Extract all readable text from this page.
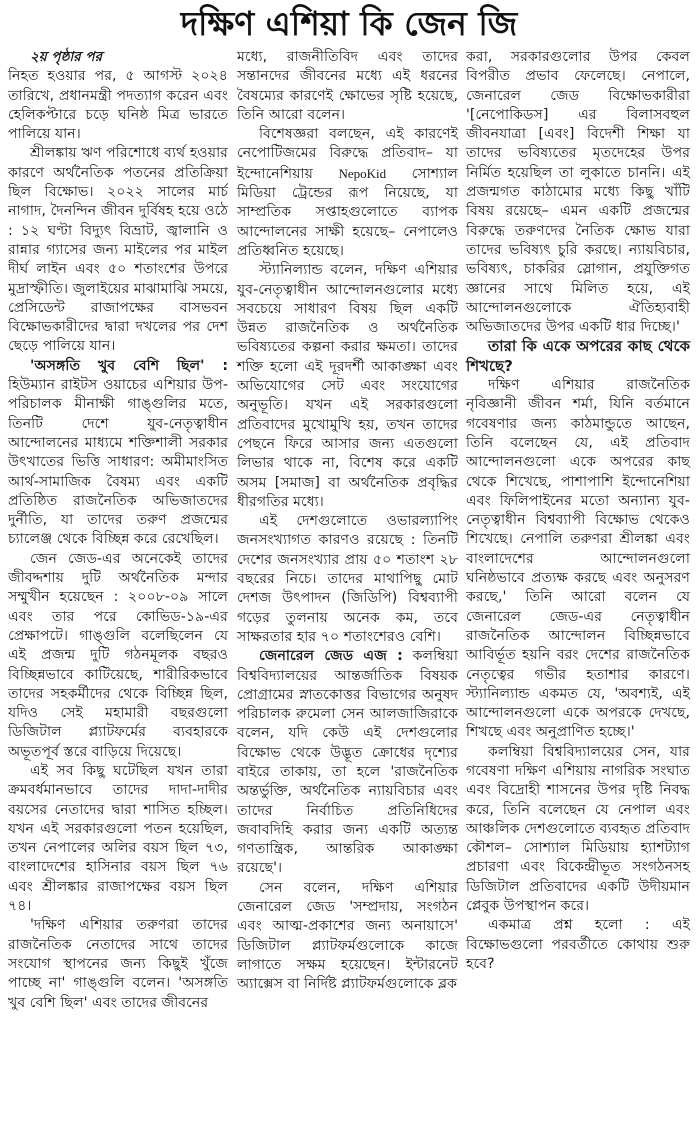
দক্ষিণ এশিয়া কি জেন জি

২য় পৃষ্ঠার পর

নিহত হওয়ার পর, ৫ আগস্ট ২০২৪ তারিখে, প্রধানমন্ত্রী পদত্যাগ করেন এবং হেলিকপ্টারে চড়ে ঘনিষ্ঠ মিত্র ভারতে পালিয়ে যান।

শ্রীলঙ্কায় ঋণ পরিশোধে ব্যর্থ হওয়ার কারণে অর্থনৈতিক পতনের প্রতিক্রিয়া ছিল বিক্ষোভ। ২০২২ সালের মার্চ নাগাদ, দৈনন্দিন জীবন দুর্বিষহ হয়ে ওঠে : ১২ ঘণ্টা বিদ্যুৎ বিভ্রাট, জ্বালানি ও রান্নার গ্যাসের জন্য মাইলের পর মাইল দীর্ঘ লাইন এবং ৫০ শতাংশের উপরে মুদ্রাস্ফীতি। জুলাইয়ের মাঝামাঝি সময়ে, প্রেসিডেন্ট রাজাপক্ষের বাসভবন বিক্ষোভকারীদের দ্বারা দখলের পর দেশ ছেড়ে পালিয়ে যান।

'অসঙ্গতি খুব বেশি ছিল' : হিউম্যান রাইটস ওয়াচের এশিয়ার উপ-পরিচালক মীনাক্ষী গাঙ্গুলির মতে, তিনটি দেশে যুব-নেতৃত্বাধীন আন্দোলনের মাধ্যমে শক্তিশালী সরকার উৎখাতের ভিত্তি সাধারণ: অমীমাংসিত আর্থ-সামাজিক বৈষম্য এবং একটি প্রতিষ্ঠিত রাজনৈতিক অভিজাতদের দুর্নীতি, যা তাদের তরুণ প্রজন্মের চ্যালেঞ্জ থেকে বিচ্ছিন্ন করে রেখেছিল।

জেন জেড-এর অনেকেই তাদের জীবদ্দশায় দুটি অর্থনৈতিক মন্দার সম্মুখীন হয়েছেন : ২০০৮-০৯ সালে এবং তার পরে কোভিড-১৯-এর প্রেক্ষাপটে। গাঙ্গুলি বলেছিলেন যে এই প্রজন্ম দুটি গঠনমূলক বছরও বিচ্ছিন্নভাবে কাটিয়েছে, শারীরিকভাবে তাদের সহকর্মীদের থেকে বিচ্ছিন্ন ছিল, যদিও সেই মহামারী বছরগুলো ডিজিটাল প্ল্যাটফর্মের ব্যবহারকে অভূতপূর্ব স্তরে বাড়িয়ে দিয়েছে।

এই সব কিছু ঘটেছিল যখন তারা ক্রমবর্ধমানভাবে তাদের দাদা-দাদীর বয়সের নেতাদের দ্বারা শাসিত হচ্ছিল। যখন এই সরকারগুলো পতন হয়েছিল, তখন নেপালের অলির বয়স ছিল ৭৩, বাংলাদেশের হাসিনার বয়স ছিল ৭৬ এবং শ্রীলঙ্কার রাজাপক্ষের বয়স ছিল ৭৪।

'দক্ষিণ এশিয়ার তরুণরা তাদের রাজনৈতিক নেতাদের সাথে তাদের সংযোগ স্থাপনের জন্য কিছুই খুঁজে পাচ্ছে না' গাঙ্গুলি বলেন। 'অসঙ্গতি খুব বেশি ছিল' এবং তাদের জীবনের

মধ্যে, রাজনীতিবিদ এবং তাদের সন্তানদের জীবনের মধ্যে এই ধরনের বৈষম্যের কারণেই ক্ষোভের সৃষ্টি হয়েছে, তিনি আরো বলেন।

বিশেষজ্ঞরা বলছেন, এই কারণেই নেপোটিজমের বিরুদ্ধে প্রতিবাদ– যা ইন্দোনেশিয়ায় NepoKid সোশ্যাল মিডিয়া ট্রেন্ডের রূপ নিয়েছে, যা সাম্প্রতিক সপ্তাহগুলোতে ব্যাপক আন্দোলনের সাক্ষী হয়েছে– নেপালেও প্রতিধ্বনিত হয়েছে।

স্ট্যানিল্যান্ড বলেন, দক্ষিণ এশিয়ার যুব-নেতৃত্বাধীন আন্দোলনগুলোর মধ্যে সবচেয়ে সাধারণ বিষয় ছিল একটি উন্নত রাজনৈতিক ও অর্থনৈতিক ভবিষ্যতের কল্পনা করার ক্ষমতা। তাদের শক্তি হলো এই দূরদর্শী আকাঙ্ক্ষা এবং অভিযোগের সেট এবং সংযোগের অনুভূতি। যখন এই সরকারগুলো প্রতিবাদের মুখোমুখি হয়, তখন তাদের পেছনে ফিরে আসার জন্য এতগুলো লিভার থাকে না, বিশেষ করে একটি অসম [সমাজ] বা অর্থনৈতিক প্রবৃদ্ধির ধীরগতির মধ্যে।

এই দেশগুলোতে ওভারল্যাপিং জনসংখ্যাগত কারণও রয়েছে : তিনটি দেশের জনসংখ্যার প্রায় ৫০ শতাংশ ২৮ বছরের নিচে। তাদের মাথাপিছু মোট দেশজ উৎপাদন (জিডিপি) বিশ্বব্যাপী গড়ের তুলনায় অনেক কম, তবে সাক্ষরতার হার ৭০ শতাংশেরও বেশি।

জেনারেল জেড এজ : কলম্বিয়া বিশ্ববিদ্যালয়ের আন্তর্জাতিক বিষয়ক প্রোগ্রামের স্নাতকোত্তর বিভাগের অনুষদ পরিচালক রুমেলা সেন আলজাজিরাকে বলেন, যদি কেউ এই দেশগুলোর বিক্ষোভ থেকে উদ্ভূত ক্রোধের দৃশ্যের বাইরে তাকায়, তা হলে 'রাজনৈতিক অন্তর্ভুক্তি, অর্থনৈতিক ন্যায়বিচার এবং তাদের নির্বাচিত প্রতিনিধিদের জবাবদিহি করার জন্য একটি অত্যন্ত গণতান্ত্রিক, আন্তরিক আকাঙ্ক্ষা রয়েছে'।

সেন বলেন, দক্ষিণ এশিয়ার জেনারেল জেড 'সম্প্রদায়, সংগঠন এবং আত্ম-প্রকাশের জন্য অনায়াসে' ডিজিটাল প্ল্যাটফর্মগুলোকে কাজে লাগাতে সক্ষম হয়েছেন। ইন্টারনেট অ্যাক্সেস বা নির্দিষ্ট প্ল্যাটফর্মগুলোকে ব্লক

করা, সরকারগুলোর উপর কেবল বিপরীত প্রভাব ফেলেছে। নেপালে, জেনারেল জেড বিক্ষোভকারীরা '[নেপোকিডস] এর বিলাসবহুল জীবনযাত্রা [এবং] বিদেশী শিক্ষা যা তাদের ভবিষ্যতের মৃতদেহের উপর নির্মিত হয়েছিল তা লুকাতে চাননি। এই প্রজন্মগত কাঠামোর মধ্যে কিছু খাঁটি বিষয় রয়েছে– এমন একটি প্রজন্মের বিরুদ্ধে তরুণদের নৈতিক ক্ষোভ যারা তাদের ভবিষ্যৎ চুরি করছে। ন্যায়বিচার, ভবিষ্যৎ, চাকরির স্লোগান, প্রযুক্তিগত জ্ঞানের সাথে মিলিত হয়ে, এই আন্দোলনগুলোকে ঐতিহ্যবাহী অভিজাতদের উপর একটি ধার দিচ্ছে।'

তারা কি একে অপরের কাছ থেকে শিখছে?

দক্ষিণ এশিয়ার রাজনৈতিক নৃবিজ্ঞানী জীবন শর্মা, যিনি বর্তমানে গবেষণার জন্য কাঠমান্ডুতে আছেন, তিনি বলেছেন যে, এই প্রতিবাদ আন্দোলনগুলো একে অপরের কাছ থেকে শিখেছে, পাশাপাশি ইন্দোনেশিয়া এবং ফিলিপাইনের মতো অন্যান্য যুব-নেতৃত্বাধীন বিশ্বব্যাপী বিক্ষোভ থেকেও শিখেছে। নেপালি তরুণরা শ্রীলঙ্কা এবং বাংলাদেশের আন্দোলনগুলো ঘনিষ্ঠভাবে প্রত্যক্ষ করছে এবং অনুসরণ করছে,' তিনি আরো বলেন যে জেনারেল জেড-এর নেতৃত্বাধীন রাজনৈতিক আন্দোলন বিচ্ছিন্নভাবে আবির্ভূত হয়নি বরং দেশের রাজনৈতিক নেতৃত্বের গভীর হতাশার কারণে। স্ট্যানিল্যান্ড একমত যে, 'অবশ্যই, এই আন্দোলনগুলো একে অপরকে দেখছে, শিখছে এবং অনুপ্রাণিত হচ্ছে।'

কলম্বিয়া বিশ্ববিদ্যালয়ের সেন, যার গবেষণা দক্ষিণ এশিয়ায় নাগরিক সংঘাত এবং বিদ্রোহী শাসনের উপর দৃষ্টি নিবদ্ধ করে, তিনি বলেছেন যে নেপাল এবং আঞ্চলিক দেশগুলোতে ব্যবহৃত প্রতিবাদ কৌশল– সোশ্যাল মিডিয়ায় হ্যাশট্যাগ প্রচারণা এবং বিকেন্দ্রীভূত সংগঠনসহ ডিজিটাল প্রতিবাদের একটি উদীয়মান প্লেবুক উপস্থাপন করে।

একমাত্র প্রশ্ন হলো : এই বিক্ষোভগুলো পরবর্তীতে কোথায় শুরু হবে?
